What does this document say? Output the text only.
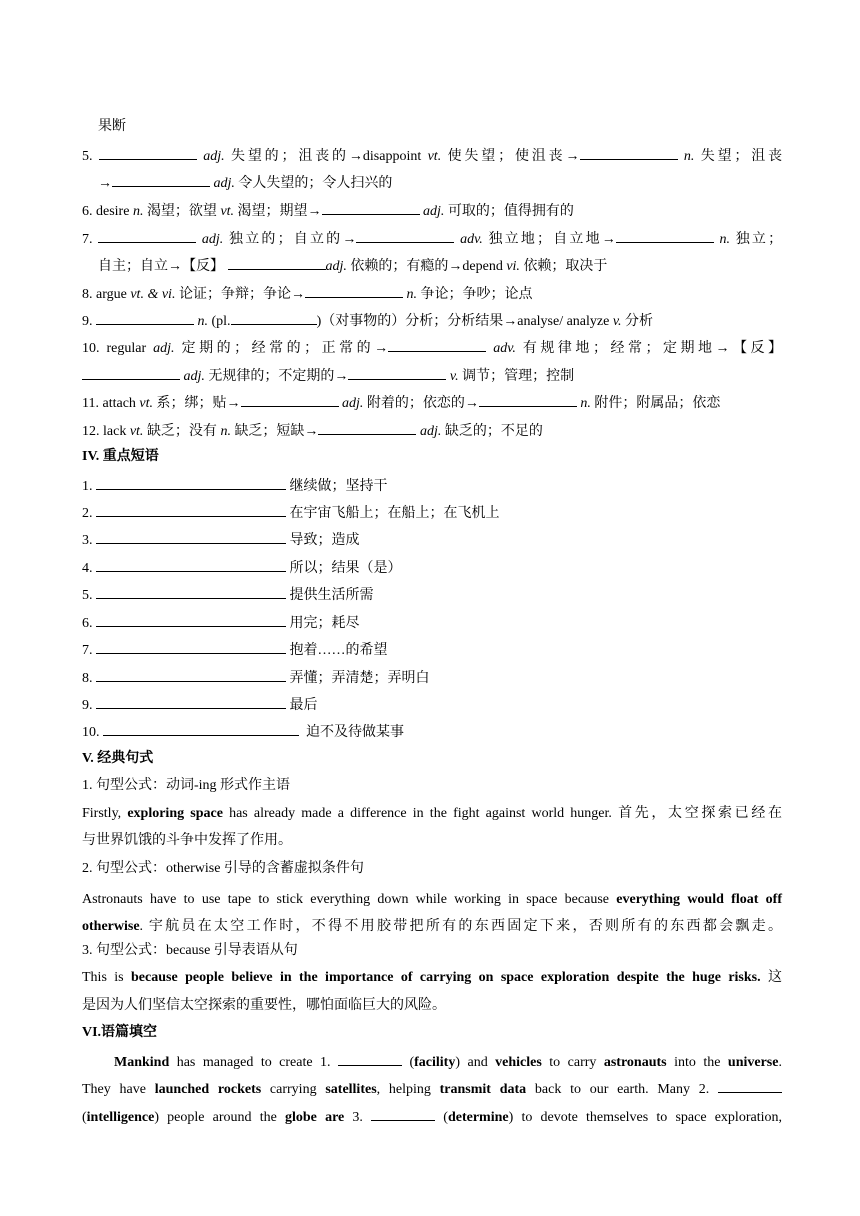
果断
5.	adj. 失望的；沮丧的→disappoint vt. 使失望；使沮丧→	n. 失望；沮丧
→	adj. 令人失望的；令人扫兴的
6. desire n. 渴望；欲望 vt. 渴望；期望→	adj. 可取的；值得拥有的
7.	adj. 独立的；自立的→	adv. 独立地；自立地→	n. 独立；
自主；自立→【反】	adj. 依赖的；有瘾的→depend vi. 依赖；取决于
8. argue vt. & vi. 论证；争辩；争论→	n. 争论；争吵；论点
9.	n. (pl.	)（对事物的）分析；分析结果→analyse/ analyze v. 分析
10. regular adj. 定期的；经常的；正常的→	adv. 有规律地；经常；定期地→【反】
adj. 无规律的；不定期的→	v. 调节；管理；控制
11. attach vt. 系；绑；贴→	adj. 附着的；依恋的→	n. 附件；附属品；依恋
12. lack vt. 缺乏；没有 n. 缺乏；短缺→	adj. 缺乏的；不足的
IV. 重点短语
1.	继续做；坚持干
2.	在宇宙飞船上；在船上；在飞机上
3.	导致；造成
4.	所以；结果（是）
5.	提供生活所需
6.	用完；耗尽
7.	抱着……的希望
8.	弄懂；弄清楚；弄明白
9.	最后
10.	迫不及待做某事
V. 经典句式
1. 句型公式：动词-ing 形式作主语
Firstly, exploring space has already made a difference in the fight against world hunger. 首先，太空探索已经在
与世界饥饿的斗争中发挥了作用。
2. 句型公式：otherwise 引导的含蓄虚拟条件句
Astronauts have to use tape to stick everything down while working in space because everything would float off otherwise. 宇航员在太空工作时，不得不用胶带把所有的东西固定下来，否则所有的东西都会飘走。
3. 句型公式：because 引导表语从句
This is because people believe in the importance of carrying on space exploration despite the huge risks. 这
是因为人们坚信太空探索的重要性，哪怕面临巨大的风险。
VI.语篇填空
Mankind has managed to create 1.	(facility) and vehicles to carry astronauts into the universe.
They have launched rockets carrying satellites, helping transmit data back to our earth. Many 2.
(intelligence) people around the globe are 3.	(determine) to devote themselves to space exploration,
